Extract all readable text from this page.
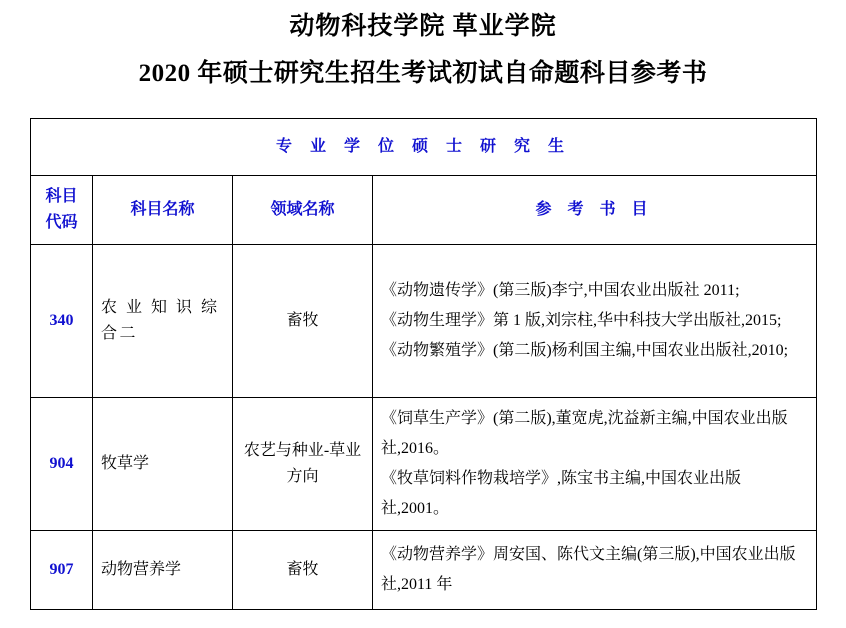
动物科技学院 草业学院
2020 年硕士研究生招生考试初试自命题科目参考书
专 业 学 位 硕 士 研 究 生			

科目
代码	科目名称	领域名称	参 考 书 目
340	农 业 知 识 综合二	畜牧	《动物遗传学》(第三版)李宁,中国农业出版社 2011;

《动物生理学》第 1 版,刘宗柱,华中科技大学出版社,2015;

《动物繁殖学》(第二版)杨利国主编,中国农业出版社,2010;

904	牧草学	农艺与种业-草业方向	《饲草生产学》(第二版),董宽虎,沈益新主编,中国农业出版社,2016。

《牧草饲料作物栽培学》,陈宝书主编,中国农业出版社,2001。

907	动物营养学	畜牧	《动物营养学》周安国、陈代文主编(第三版),中国农业出版社,2011 年
